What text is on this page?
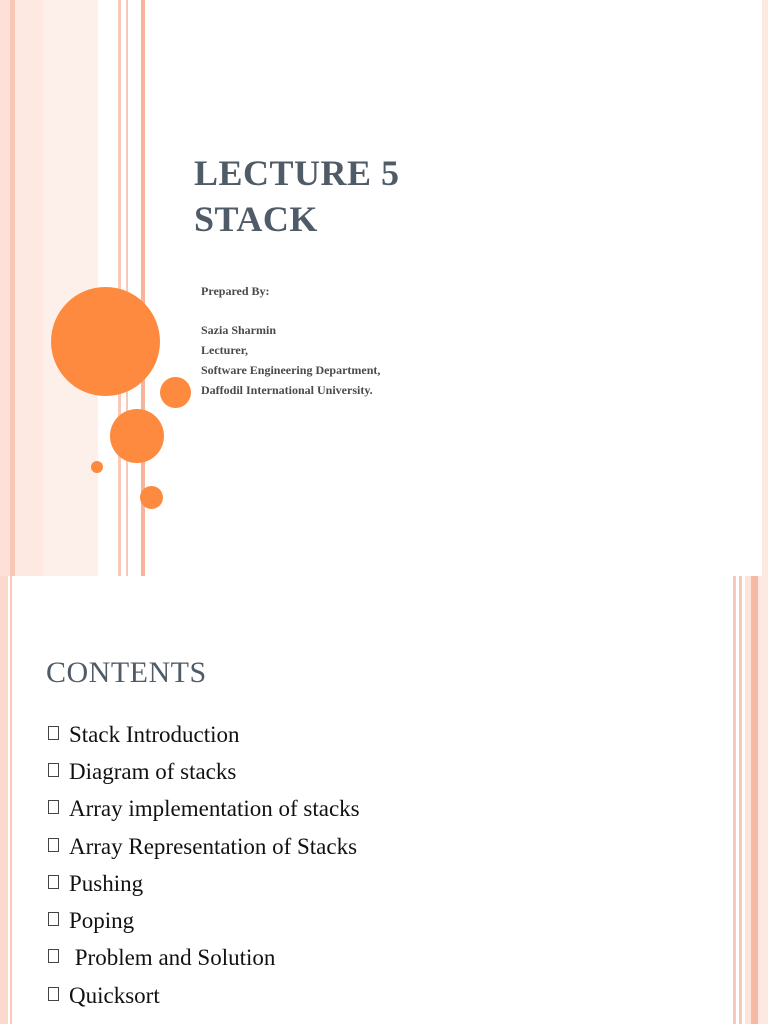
LECTURE 5
STACK
Prepared By:
Sazia Sharmin
Lecturer,
Software Engineering Department,
Daffodil International University.
CONTENTS
Stack Introduction
Diagram of stacks
Array implementation of stacks
Array Representation of Stacks
Pushing
Poping
Problem and Solution
Quicksort
